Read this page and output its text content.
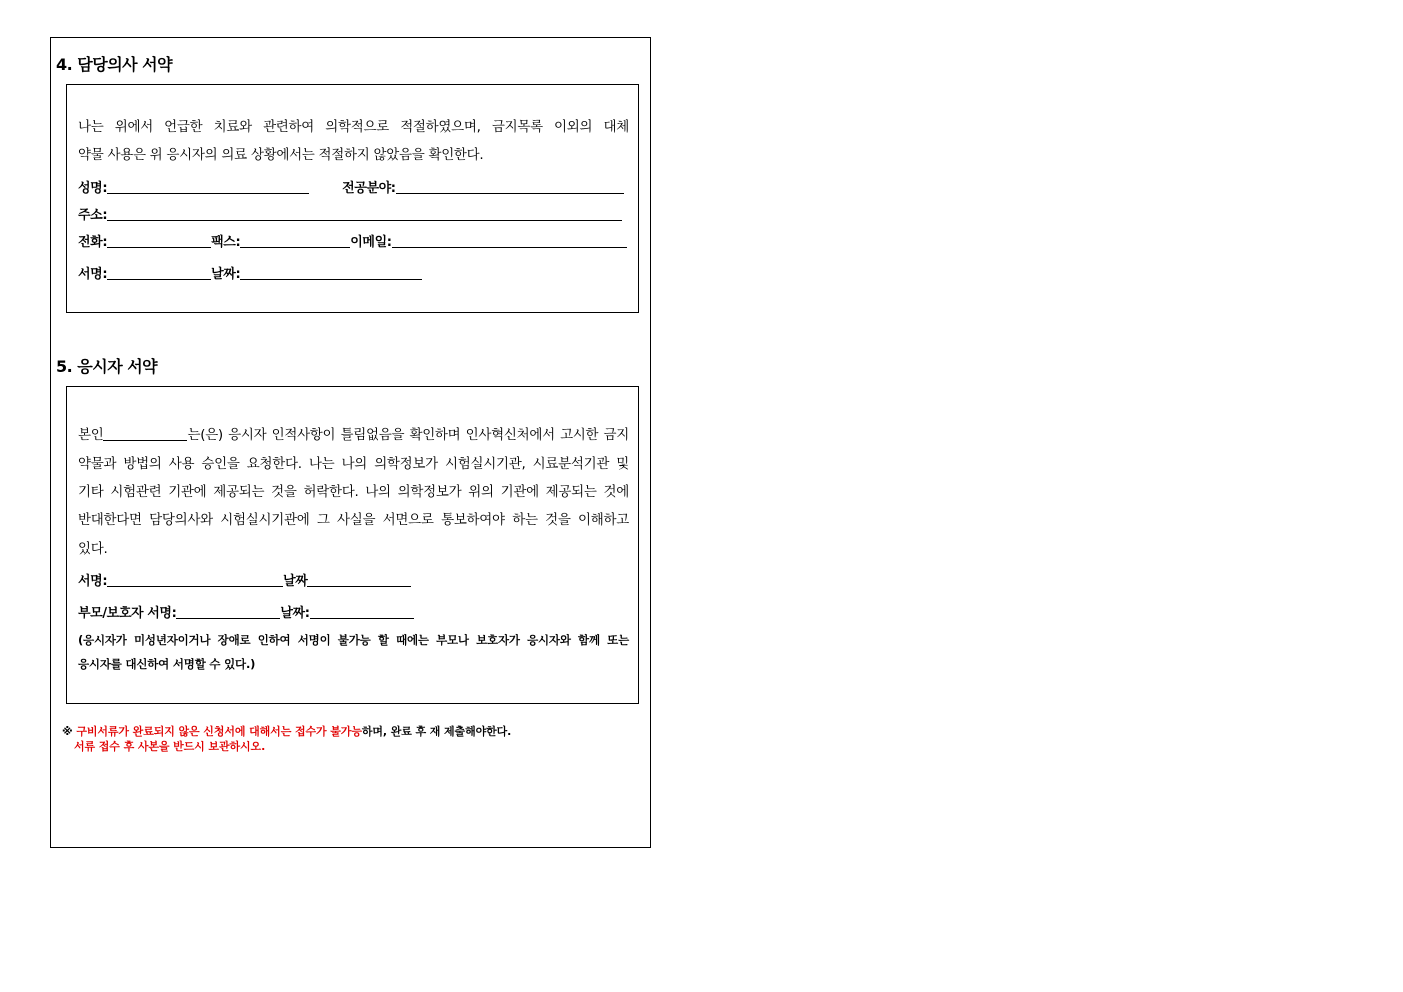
4. 담당의사 서약
나는 위에서 언급한 치료와 관련하여 의학적으로 적절하였으며, 금지목록 이외의 대체
약물 사용은 위 응시자의 의료 상황에서는 적절하지 않았음을 확인한다.
성명:	전공분야:
주소:
전화:	팩스:	이메일:
서명:	날짜:
5. 응시자 서약
본인	는(은) 응시자 인적사항이 틀림없음을 확인하며 인사혁신처에서 고시한 금지
약물과 방법의 사용 승인을 요청한다. 나는 나의 의학정보가 시험실시기관, 시료분석기관 및
기타 시험관련 기관에 제공되는 것을 허락한다. 나의 의학정보가 위의 기관에 제공되는 것에
반대한다면 담당의사와 시험실시기관에 그 사실을 서면으로 통보하여야 하는 것을 이해하고
있다.
서명:	날짜
부모/보호자 서명:	날짜:
(응시자가 미성년자이거나 장애로 인하여 서명이 불가능 할 때에는 부모나 보호자가 응시자와 함께 또는
응시자를 대신하여 서명할 수 있다.)
※ 구비서류가 완료되지 않은 신청서에 대해서는 접수가 불가능하며, 완료 후 재 제출해야한다.
서류 접수 후 사본을 반드시 보관하시오.
